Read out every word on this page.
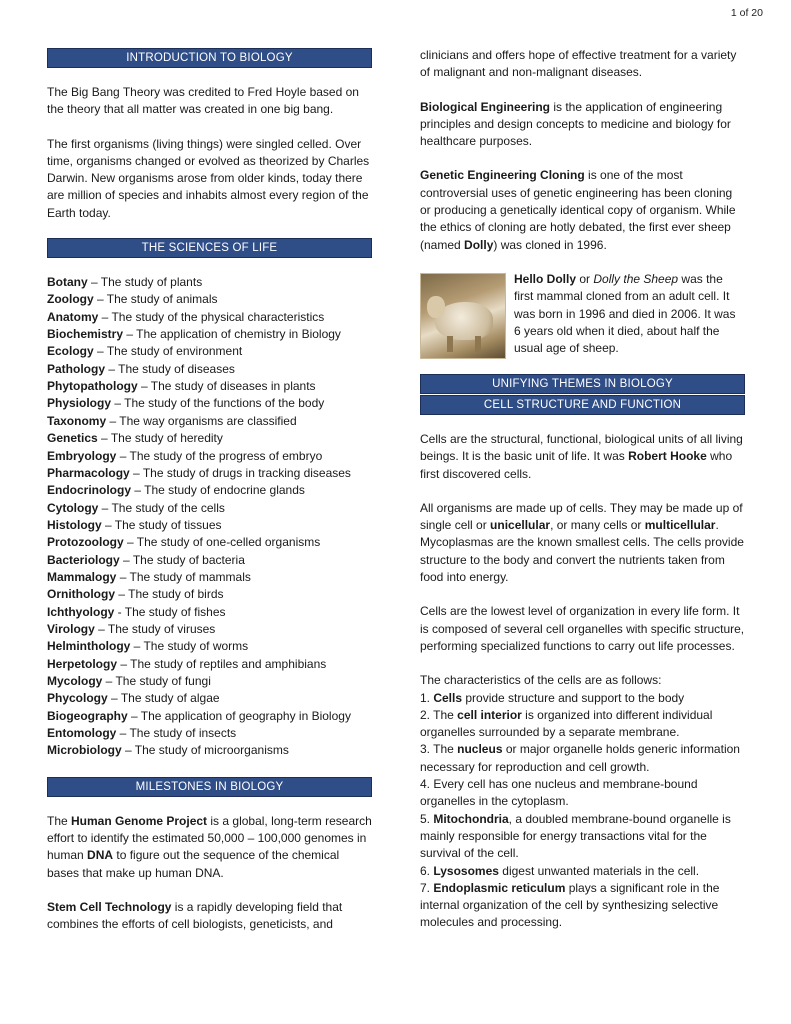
1 of 20
INTRODUCTION TO BIOLOGY

The Big Bang Theory was credited to Fred Hoyle based on the theory that all matter was created in one big bang.

The first organisms (living things) were singled celled. Over time, organisms changed or evolved as theorized by Charles Darwin. New organisms arose from older kinds, today there are million of species and inhabits almost every region of the Earth today.

THE SCIENCES OF LIFE
Botany – The study of plants
Zoology – The study of animals
Anatomy – The study of the physical characteristics
Biochemistry – The application of chemistry in Biology
Ecology – The study of environment
Pathology – The study of diseases
Phytopathology – The study of diseases in plants
Physiology – The study of the functions of the body
Taxonomy – The way organisms are classified
Genetics – The study of heredity
Embryology – The study of the progress of embryo
Pharmacology – The study of drugs in tracking diseases
Endocrinology – The study of endocrine glands
Cytology – The study of the cells
Histology – The study of tissues
Protozoology – The study of one-celled organisms
Bacteriology – The study of bacteria
Mammalogy – The study of mammals
Ornithology – The study of birds
Ichthyology - The study of fishes
Virology – The study of viruses
Helminthology – The study of worms
Herpetology – The study of reptiles and amphibians
Mycology – The study of fungi
Phycology – The study of algae
Biogeography – The application of geography in Biology
Entomology – The study of insects
Microbiology – The study of microorganisms
MILESTONES IN BIOLOGY

The Human Genome Project is a global, long-term research effort to identify the estimated 50,000 – 100,000 genomes in human DNA to figure out the sequence of the chemical bases that make up human DNA.

Stem Cell Technology is a rapidly developing field that combines the efforts of cell biologists, geneticists, and

clinicians and offers hope of effective treatment for a variety of malignant and non-malignant diseases.

Biological Engineering is the application of engineering principles and design concepts to medicine and biology for healthcare purposes.

Genetic Engineering Cloning is one of the most controversial uses of genetic engineering has been cloning or producing a genetically identical copy of organism. While the ethics of cloning are hotly debated, the first ever sheep (named Dolly) was cloned in 1996.

Hello Dolly or Dolly the Sheep was the first mammal cloned from an adult cell. It was born in 1996 and died in 2006. It was 6 years old when it died, about half the usual age of sheep.

UNIFYING THEMES IN BIOLOGY
CELL STRUCTURE AND FUNCTION

Cells are the structural, functional, biological units of all living beings. It is the basic unit of life. It was Robert Hooke who first discovered cells.

All organisms are made up of cells. They may be made up of single cell or unicellular, or many cells or multicellular. Mycoplasmas are the known smallest cells. The cells provide structure to the body and convert the nutrients taken from food into energy.

Cells are the lowest level of organization in every life form. It is composed of several cell organelles with specific structure, performing specialized functions to carry out life processes.

The characteristics of the cells are as follows:

1. Cells provide structure and support to the body

2. The cell interior is organized into different individual organelles surrounded by a separate membrane.

3. The nucleus or major organelle holds generic information necessary for reproduction and cell growth.

4. Every cell has one nucleus and membrane-bound organelles in the cytoplasm.

5. Mitochondria, a doubled membrane-bound organelle is mainly responsible for energy transactions vital for the survival of the cell.

6. Lysosomes digest unwanted materials in the cell.

7. Endoplasmic reticulum plays a significant role in the internal organization of the cell by synthesizing selective molecules and processing.
